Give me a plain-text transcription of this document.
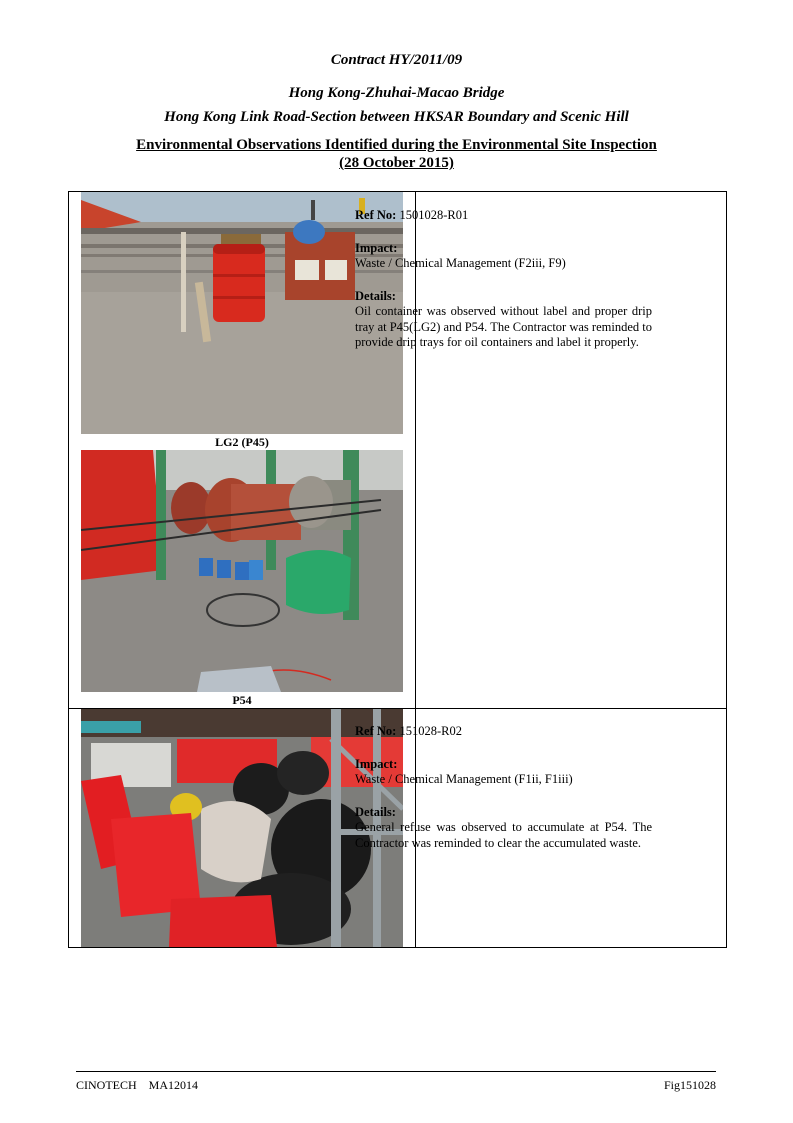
Contract HY/2011/09
Hong Kong-Zhuhai-Macao Bridge
Hong Kong Link Road-Section between HKSAR Boundary and Scenic Hill
Environmental Observations Identified during the Environmental Site Inspection
(28 October 2015)
LG2 (P45)
P54

Ref No: 1501028-R01

Impact:
Waste / Chemical Management (F2iii, F9)

Details:
Oil container was observed without label and proper drip tray at P45(LG2) and P54. The Contractor was reminded to provide drip trays for oil containers and label it properly.

Ref No: 151028-R02

Impact:
Waste / Chemical Management (F1ii, F1iii)

Details:
General refuse was observed to accumulate at P54. The Contractor was reminded to clear the accumulated waste.

CINOTECH    MA12014	Fig151028
